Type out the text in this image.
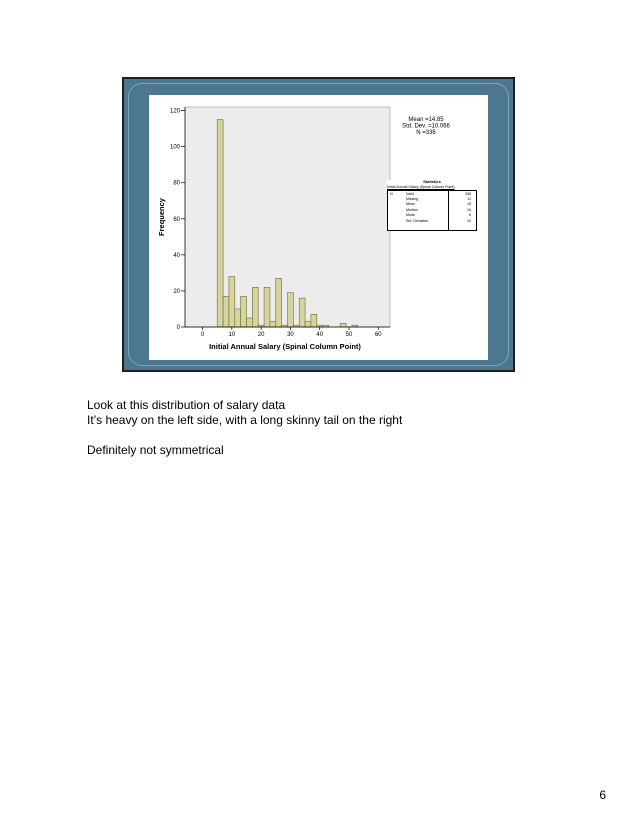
0
20
40
60
80
100
120
0	10	20	30	40	50	60
Frequency
Initial Annual Salary (Spinal Column Point)
Mean =14.85
Std. Dev. =10.066
N =336
Statistics
Initial Annual Salary (Spinal Column Point)
N	Valid	336
Missing	11
Mean	15
Median	15
Mode	6
Std. Deviation	10
Look at this distribution of salary data
It’s heavy on the left side, with a long skinny tail on the right
Definitely not symmetrical
6
